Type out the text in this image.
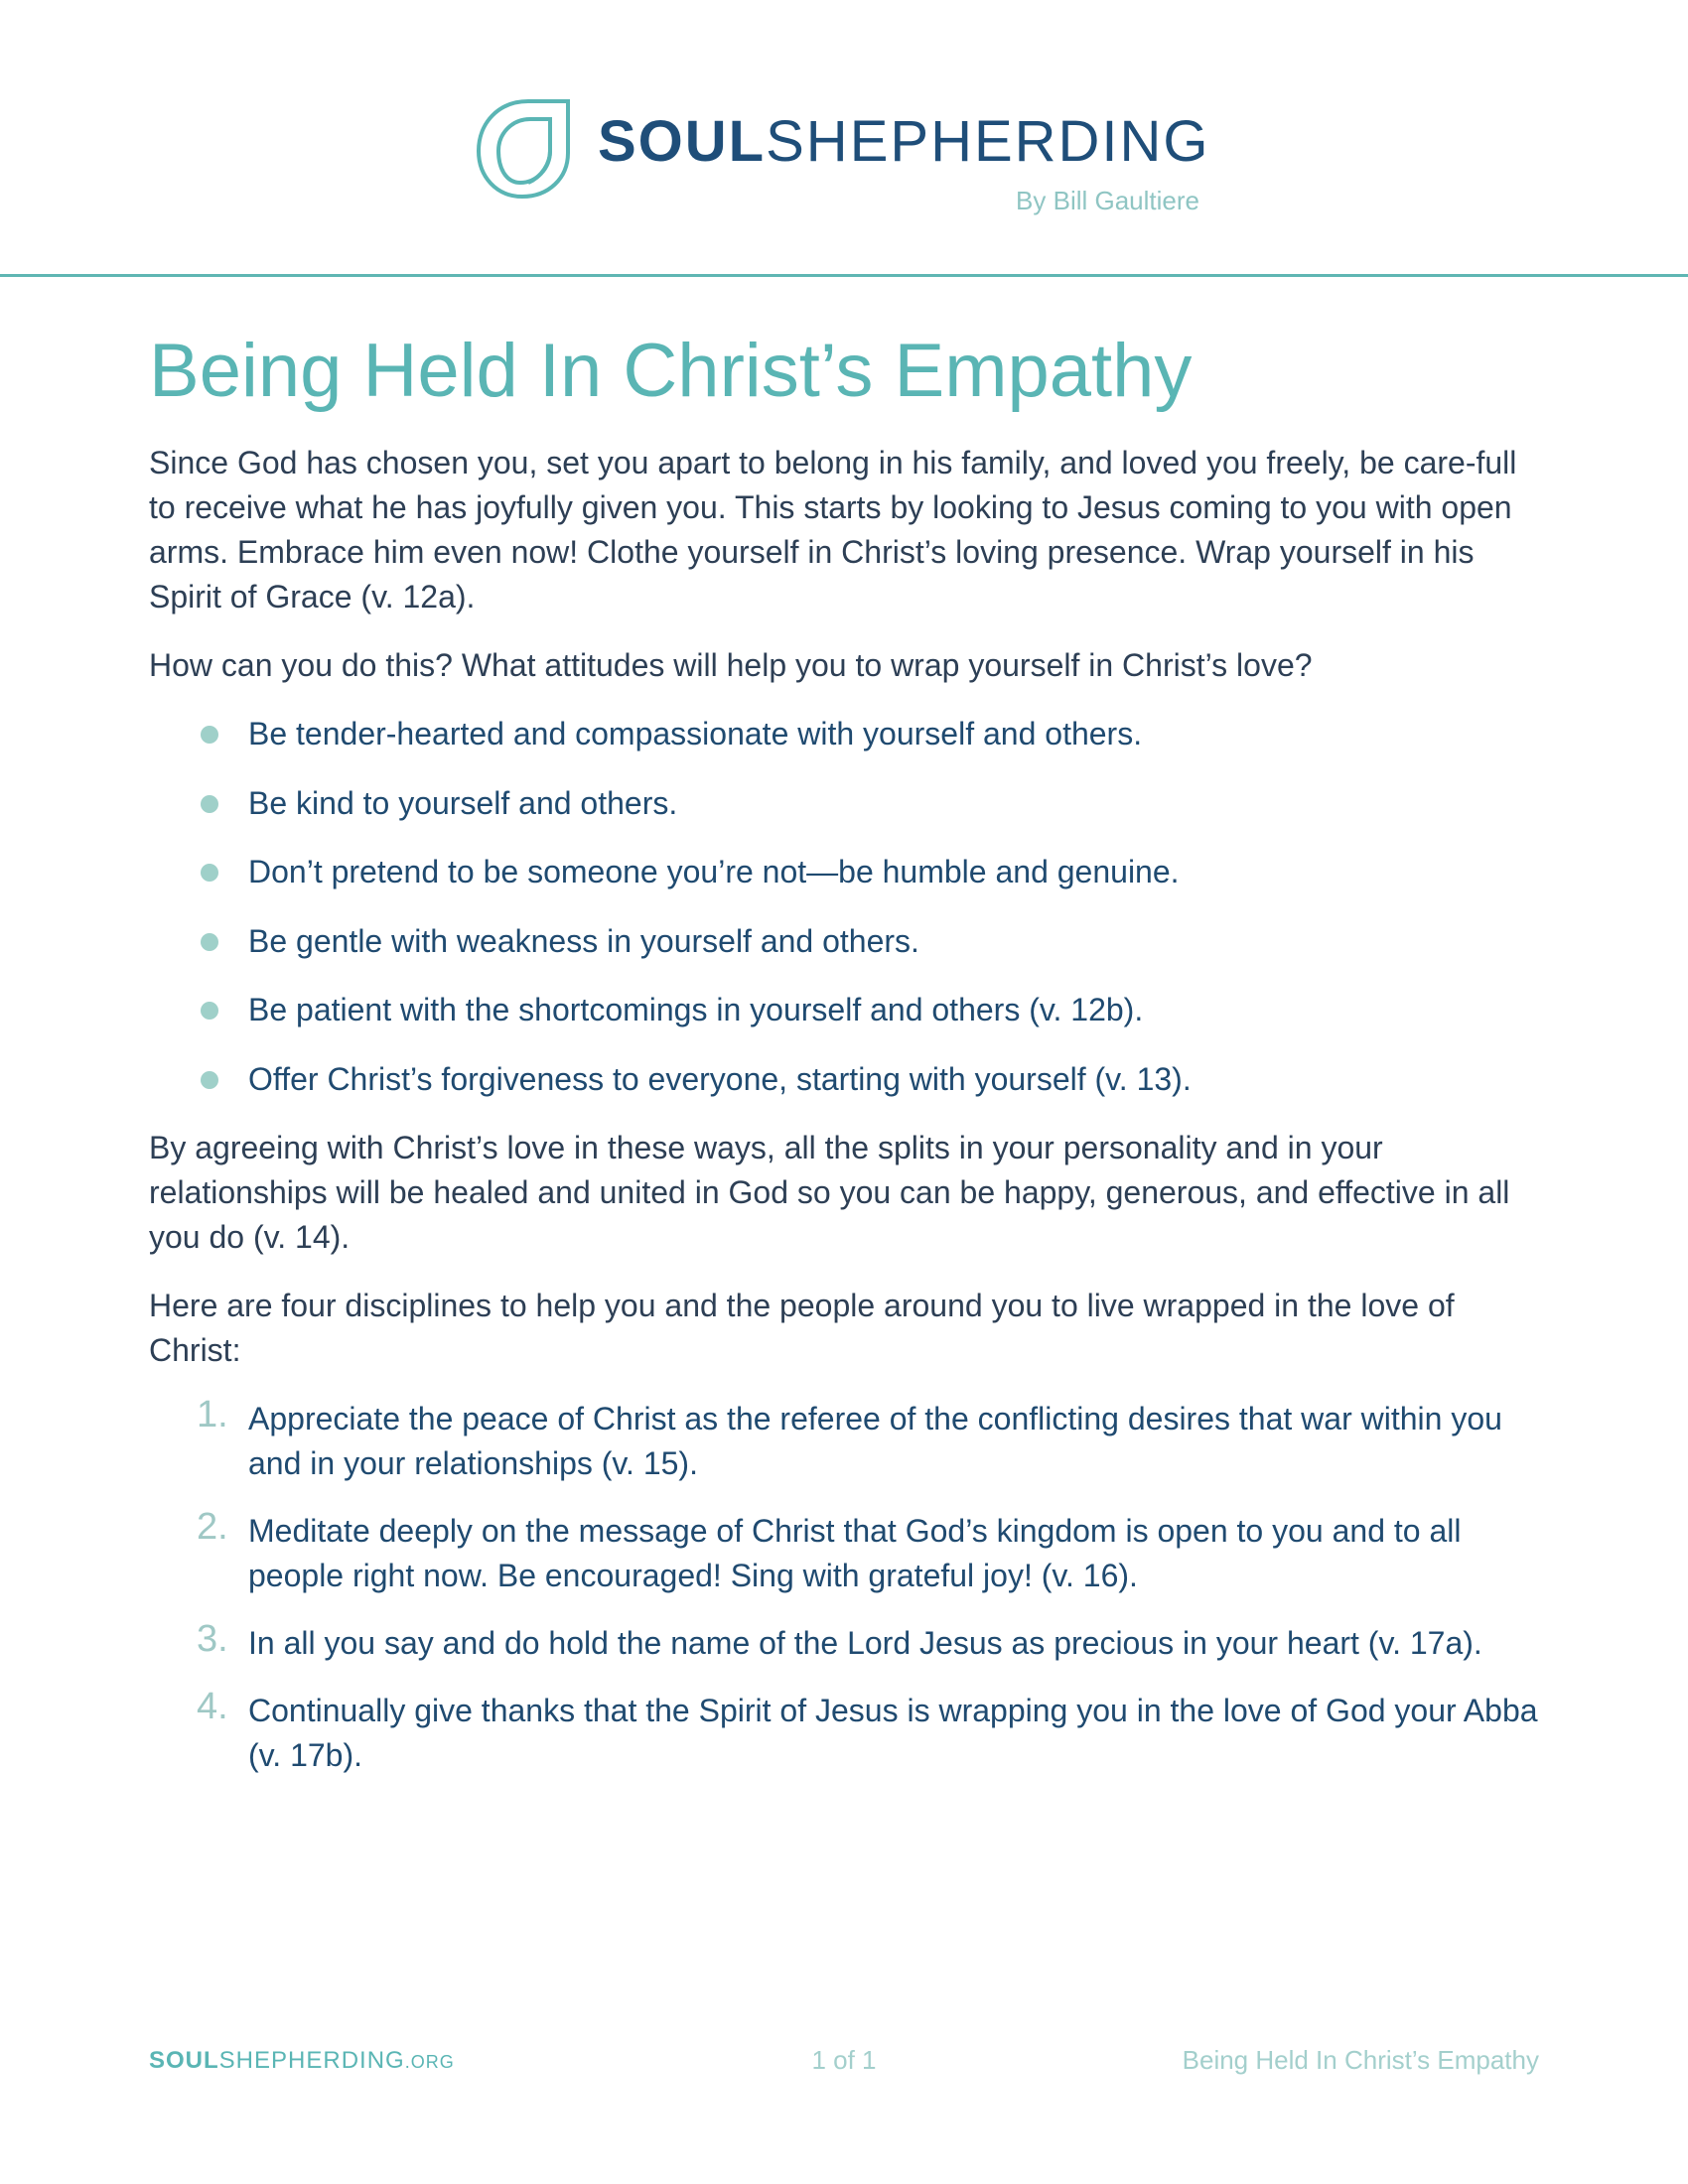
SOULSHEPHERDING
By Bill Gaultiere
Being Held In Christ’s Empathy

Since God has chosen you, set you apart to belong in his family, and loved you freely, be care-full to receive what he has joyfully given you. This starts by looking to Jesus coming to you with open arms. Embrace him even now! Clothe yourself in Christ’s loving presence. Wrap yourself in his Spirit of Grace (v. 12a).

How can you do this? What attitudes will help you to wrap yourself in Christ’s love?

Be tender-hearted and compassionate with yourself and others.
Be kind to yourself and others.
Don’t pretend to be someone you’re not—be humble and genuine.
Be gentle with weakness in yourself and others.
Be patient with the shortcomings in yourself and others (v. 12b).
Offer Christ’s forgiveness to everyone, starting with yourself (v. 13).

By agreeing with Christ’s love in these ways, all the splits in your personality and in your relationships will be healed and united in God so you can be happy, generous, and effective in all you do (v. 14).

Here are four disciplines to help you and the people around you to live wrapped in the love of Christ:

1. Appreciate the peace of Christ as the referee of the conflicting desires that war within you and in your relationships (v. 15).
2. Meditate deeply on the message of Christ that God’s kingdom is open to you and to all people right now. Be encouraged! Sing with grateful joy! (v. 16).
3. In all you say and do hold the name of the Lord Jesus as precious in your heart (v. 17a).
4. Continually give thanks that the Spirit of Jesus is wrapping you in the love of God your Abba (v. 17b).
SOULSHEPHERDING.ORG	1 of 1	Being Held In Christ’s Empathy
